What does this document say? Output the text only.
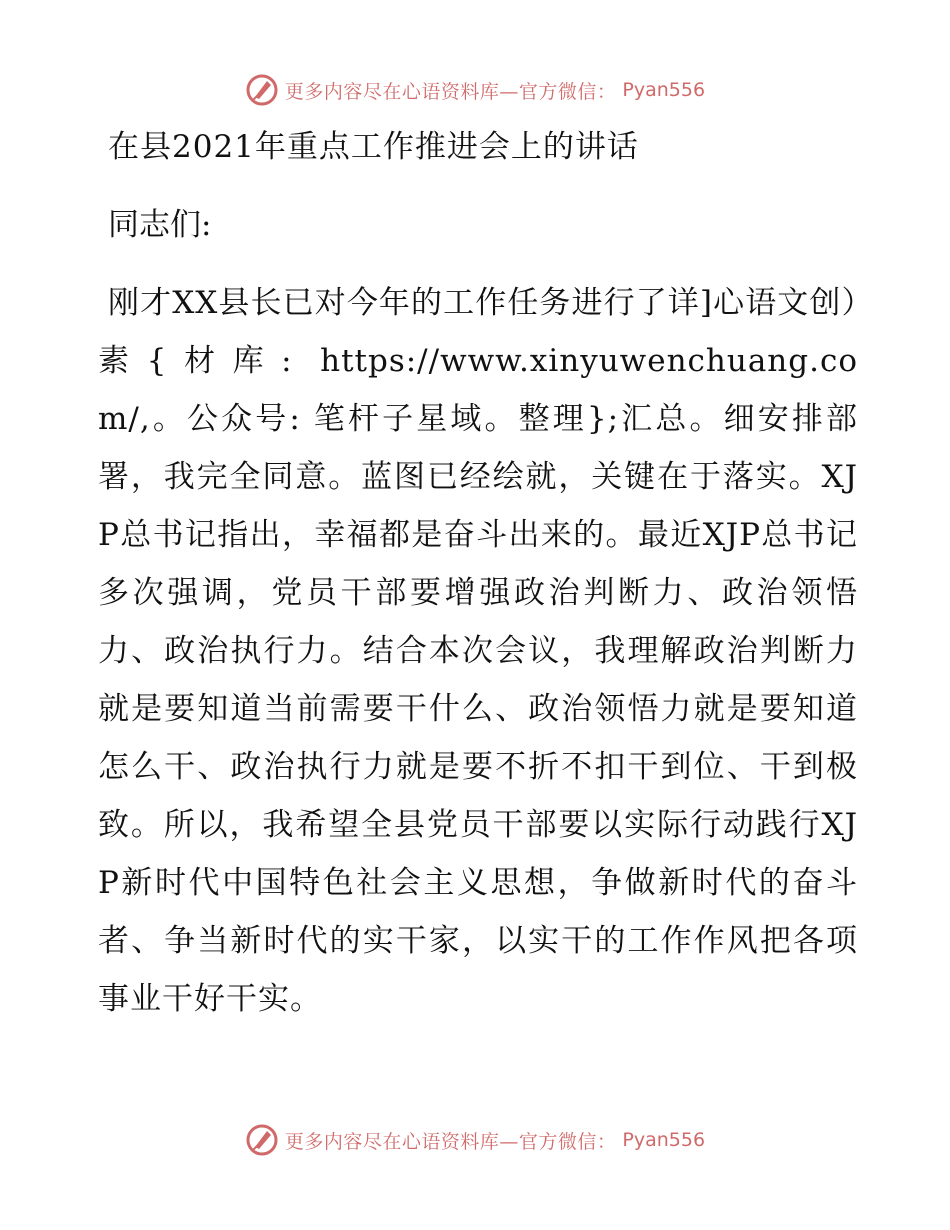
更多内容尽在心语资料库—官方微信： Pyan556
在县2021年重点工作推进会上的讲话

同志们:

刚才XX县长已对今年的工作任务进行了详]心语文创）素{材库: https://www.xinyuwenchuang.com/,。公众号: 笔杆子星域。整理};汇总。细安排部署，我完全同意。蓝图已经绘就，关键在于落实。XJP总书记指出，幸福都是奋斗出来的。最近XJP总书记多次强调，党员干部要增强政治判断力、政治领悟力、政治执行力。结合本次会议，我理解政治判断力就是要知道当前需要干什么、政治领悟力就是要知道怎么干、政治执行力就是要不折不扣干到位、干到极致。所以，我希望全县党员干部要以实际行动践行XJP新时代中国特色社会主义思想，争做新时代的奋斗者、争当新时代的实干家，以实干的工作作风把各项事业干好干实。

更多内容尽在心语资料库—官方微信： Pyan556
